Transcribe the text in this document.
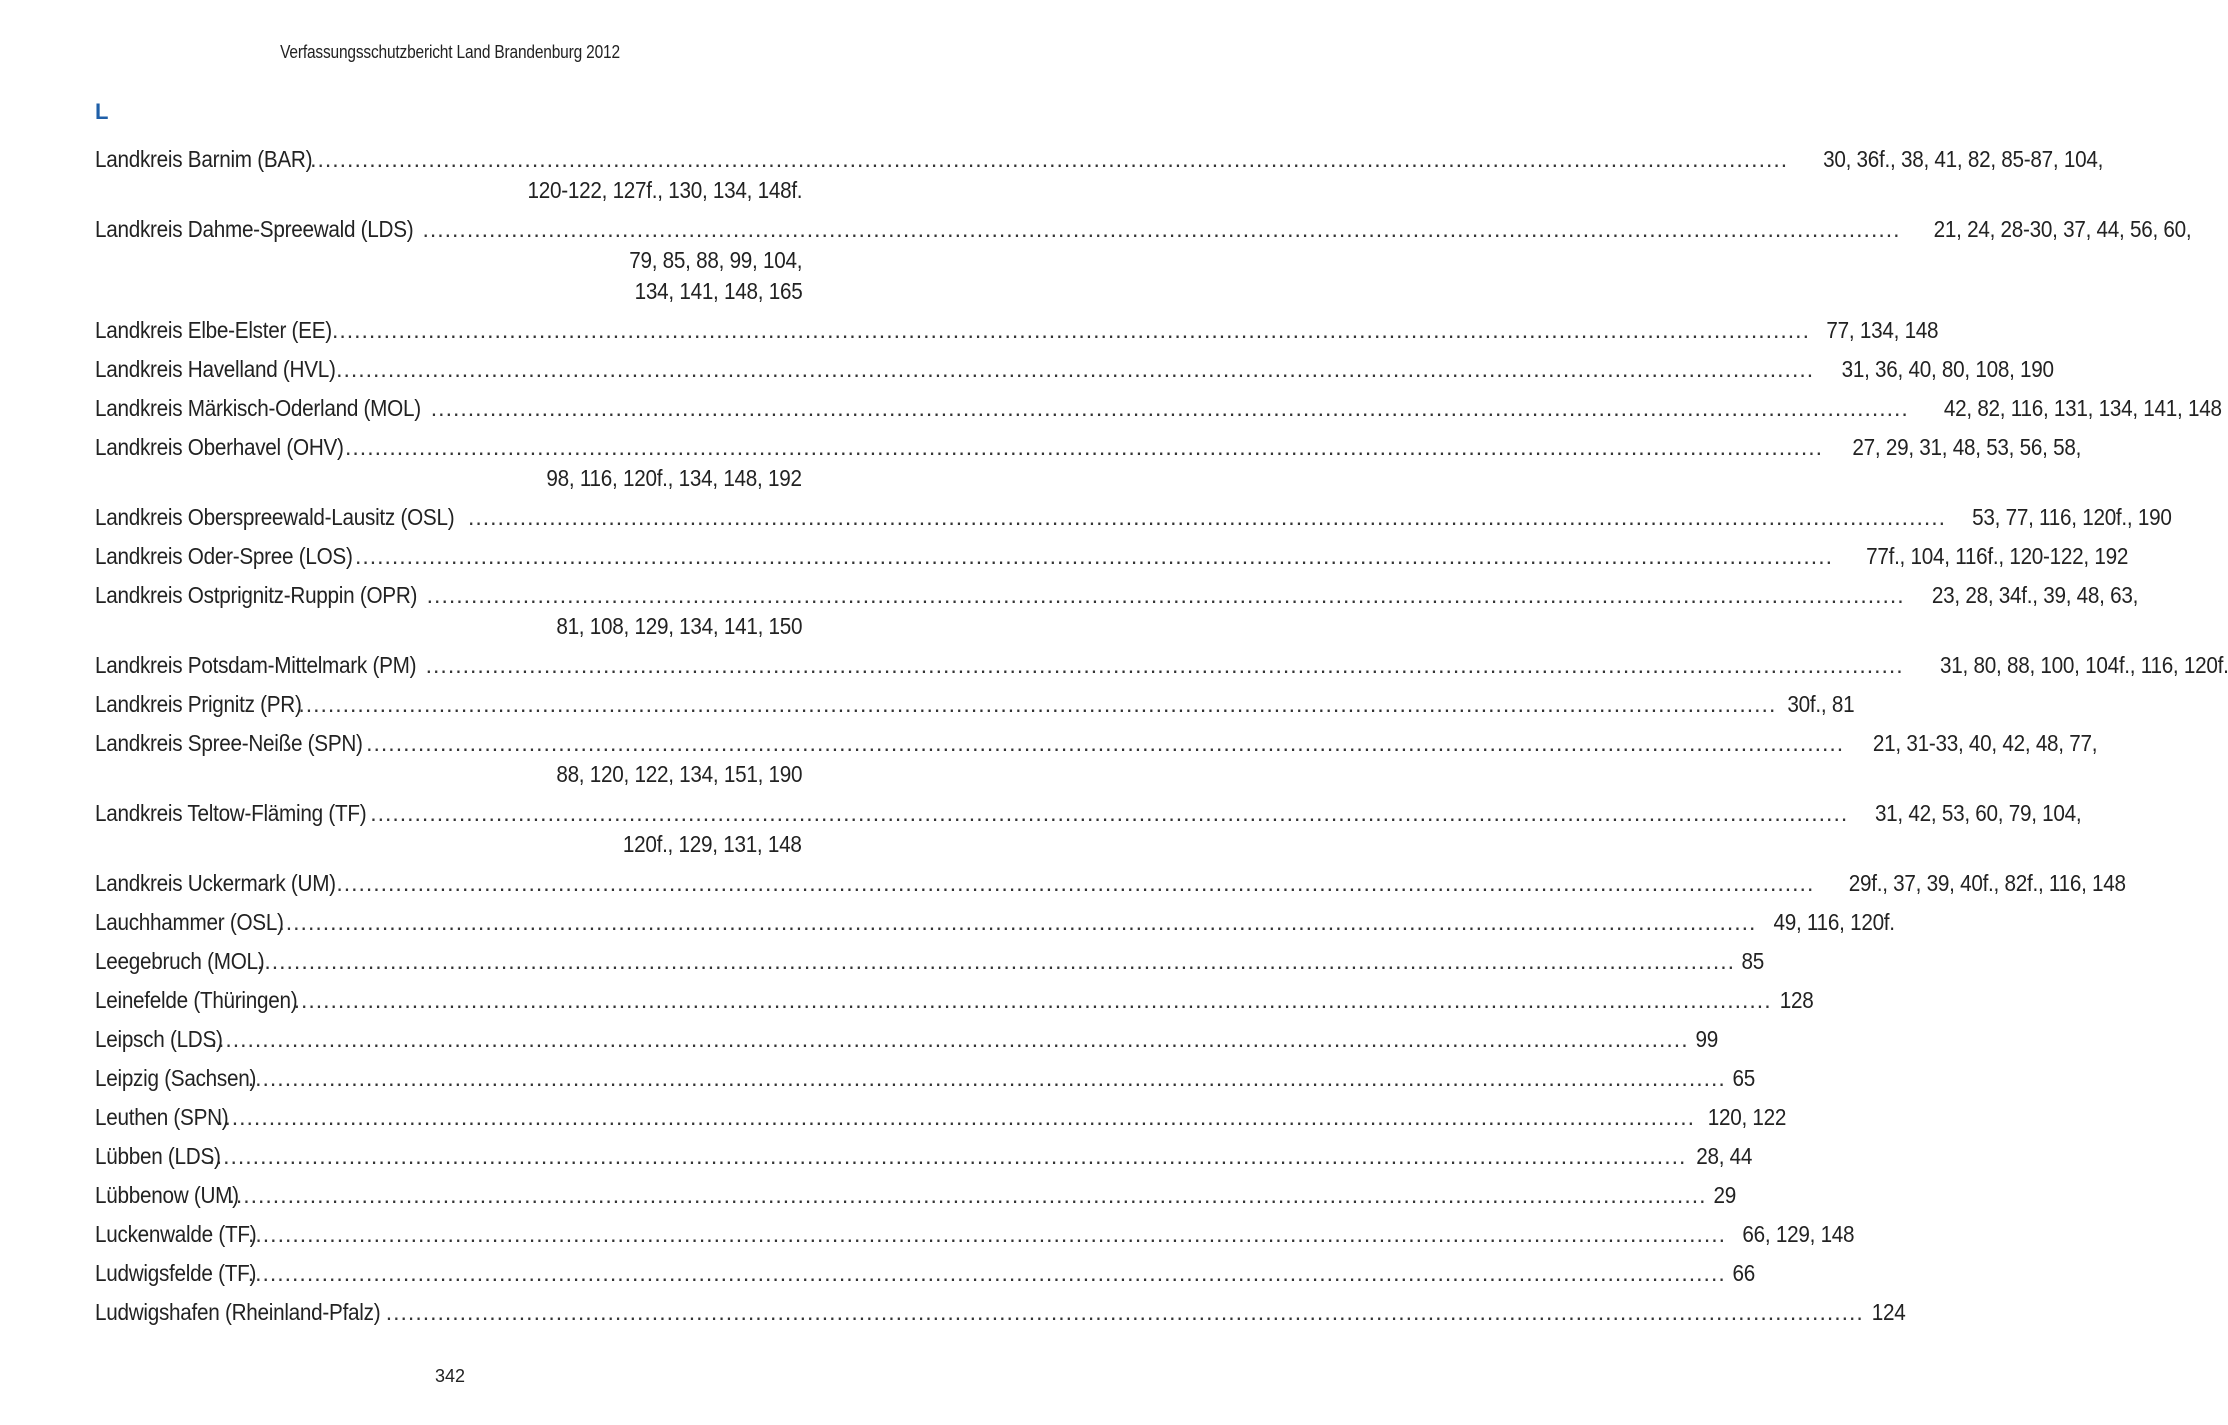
Verfassungsschutzbericht Land Brandenburg 2012
L
Landkreis Barnim (BAR)
........................................................................................................................................................................................................ 30, 36f., 38, 41, 82, 85-87, 104,
120-122, 127f., 130, 134, 148f.
Landkreis Dahme-Spreewald (LDS) ........................................................................................................................................................................................................ 21, 24, 28-30, 37, 44, 56, 60,
79, 85, 88, 99, 104,
134, 141, 148, 165
Landkreis Elbe-Elster (EE) ........................................................................................................................................................................................................ 77, 134, 148
Landkreis Havelland (HVL) ........................................................................................................................................................................................................ 31, 36, 40, 80, 108, 190
Landkreis Märkisch-Oderland (MOL) ........................................................................................................................................................................................................ 42, 82, 116, 131, 134, 141, 148
Landkreis Oberhavel (OHV) ........................................................................................................................................................................................................ 27, 29, 31, 48, 53, 56, 58,
98, 116, 120f., 134, 148, 192
Landkreis Oberspreewald-Lausitz (OSL) ........................................................................................................................................................................................................ 53, 77, 116, 120f., 190
Landkreis Oder-Spree (LOS) ........................................................................................................................................................................................................ 77f., 104, 116f., 120-122, 192
Landkreis Ostprignitz-Ruppin (OPR) ........................................................................................................................................................................................................ 23, 28, 34f., 39, 48, 63,
81, 108, 129, 134, 141, 150
Landkreis Potsdam-Mittelmark (PM) ........................................................................................................................................................................................................ 31, 80, 88, 100, 104f., 116, 120f.
Landkreis Prignitz (PR)
........................................................................................................................................................................................................ 30f., 81
Landkreis Spree-Neiße (SPN) ........................................................................................................................................................................................................ 21, 31-33, 40, 42, 48, 77,
88, 120, 122, 134, 151, 190
Landkreis Teltow-Fläming (TF) ........................................................................................................................................................................................................ 31, 42, 53, 60, 79, 104,
120f., 129, 131, 148
Landkreis Uckermark (UM) ........................................................................................................................................................................................................ 29f., 37, 39, 40f., 82f., 116, 148
Lauchhammer (OSL)
........................................................................................................................................................................................................ 49, 116, 120f.
Leegebruch (MOL)
........................................................................................................................................................................................................ 85
Leinefelde (Thüringen)
........................................................................................................................................................................................................ 128
Leipsch (LDS)
........................................................................................................................................................................................................ 99
Leipzig (Sachsen)
........................................................................................................................................................................................................ 65
Leuthen (SPN)
........................................................................................................................................................................................................ 120, 122
Lübben (LDS)
........................................................................................................................................................................................................ 28, 44
Lübbenow (UM)
........................................................................................................................................................................................................ 29
Luckenwalde (TF)
........................................................................................................................................................................................................ 66, 129, 148
Ludwigsfelde (TF)
........................................................................................................................................................................................................ 66
Ludwigshafen (Rheinland-Pfalz) ........................................................................................................................................................................................................ 124
342
